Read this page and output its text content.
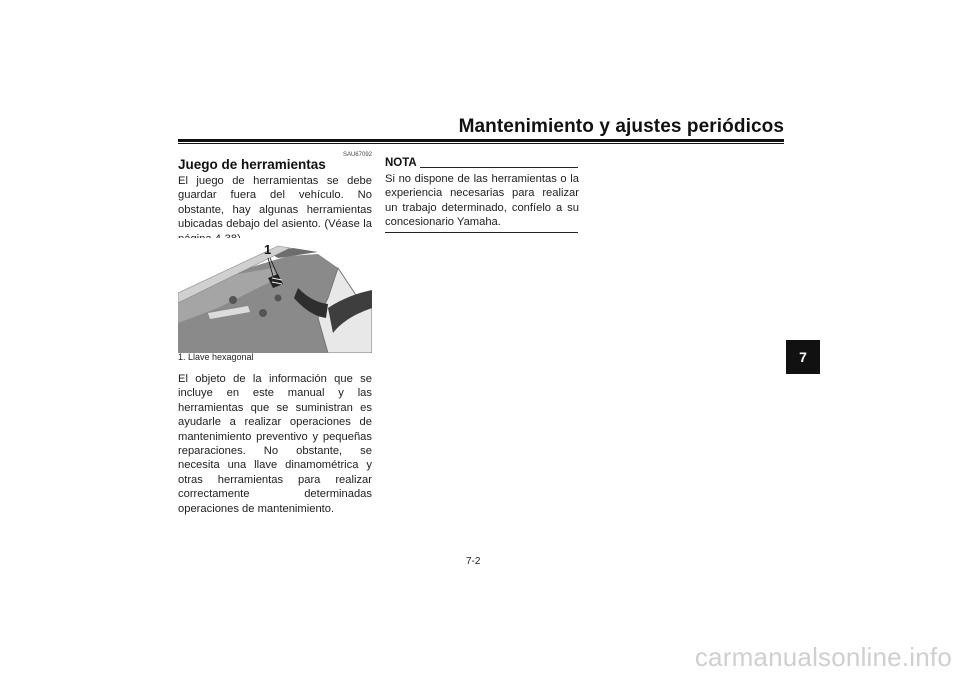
Mantenimiento y ajustes periódicos
SAU67092
Juego de herramientas
El juego de herramientas se debe guardar fuera del vehículo. No obstante, hay algunas herramientas ubicadas debajo del asiento. (Véase la
1
1. Llave hexagonal
El objeto de la información que se incluye en este manual y las herramientas que se suministran es ayudarle a realizar operaciones de mantenimiento preventivo y pequeñas reparaciones. No obstante, se necesita una llave dinamométrica y otras herramientas para realizar correctamente determinadas operaciones de mantenimiento.
NOTA
Si no dispone de las herramientas o la experiencia necesarias para realizar un trabajo determinado, confíelo a su concesionario Yamaha.
7
7-2
carmanualsonline.info
